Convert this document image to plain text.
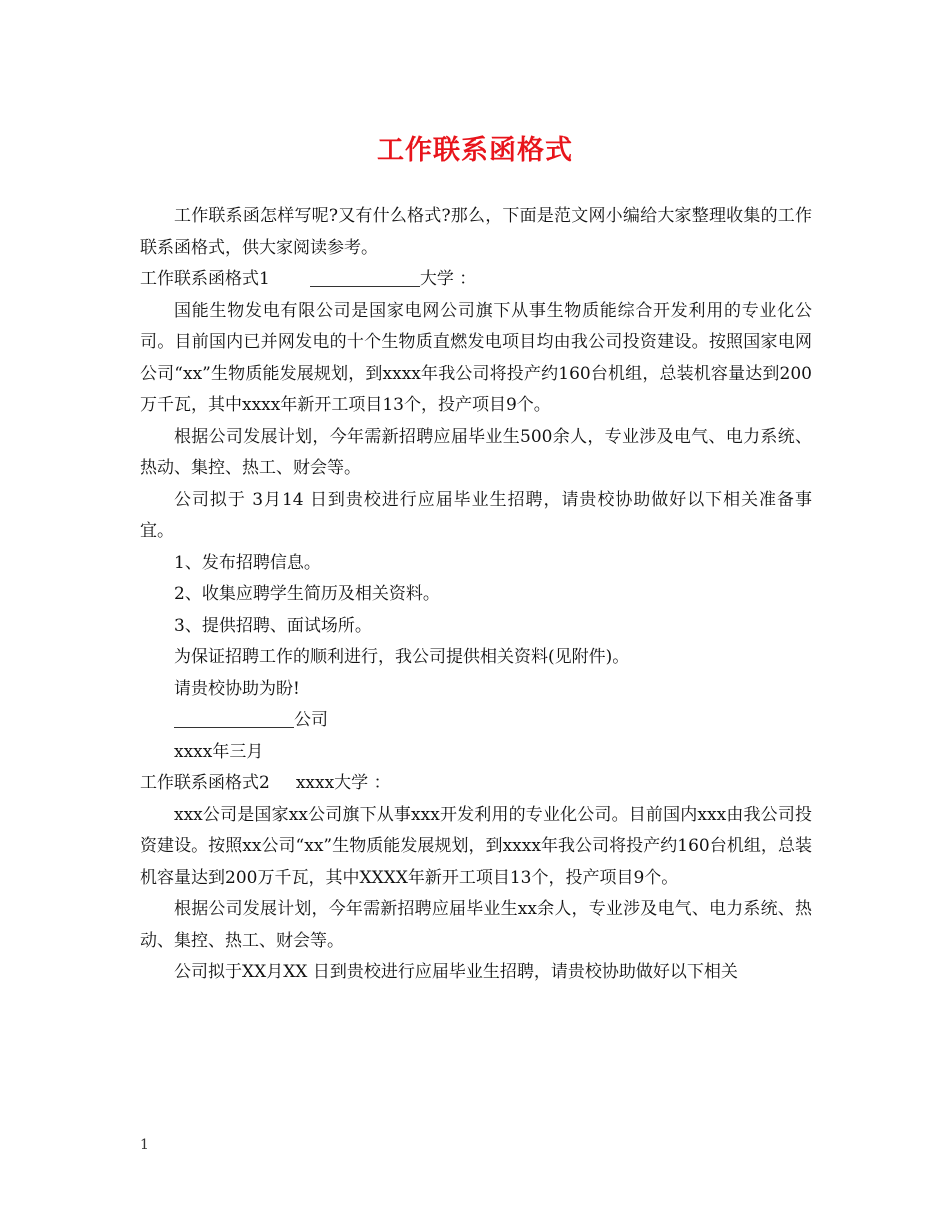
工作联系函格式

工作联系函怎样写呢?又有什么格式?那么，下面是范文网小编给大家整理收集的工作联系函格式，供大家阅读参考。

工作联系函格式1	大学 ：

国能生物发电有限公司是国家电网公司旗下从事生物质能综合开发利用的专业化公司。目前国内已并网发电的十个生物质直燃发电项目均由我公司投资建设。按照国家电网公司“xx”生物质能发展规划，到xxxx年我公司将投产约160台机组，总装机容量达到200万千瓦，其中xxxx年新开工项目13个，投产项目9个。

根据公司发展计划，今年需新招聘应届毕业生500余人，专业涉及电气、电力系统、热动、集控、热工、财会等。

公司拟于 3月14 日到贵校进行应届毕业生招聘，请贵校协助做好以下相关准备事宜。

1、发布招聘信息。

2、收集应聘学生简历及相关资料。

3、提供招聘、面试场所。

为保证招聘工作的顺利进行，我公司提供相关资料(见附件)。

请贵校协助为盼!

公司

xxxx年三月

工作联系函格式2 xxxx大学 ：

xxx公司是国家xx公司旗下从事xxx开发利用的专业化公司。目前国内xxx由我公司投资建设。按照xx公司“xx”生物质能发展规划，到xxxx年我公司将投产约160台机组，总装机容量达到200万千瓦，其中XXXX年新开工项目13个，投产项目9个。

根据公司发展计划，今年需新招聘应届毕业生xx余人，专业涉及电气、电力系统、热动、集控、热工、财会等。

公司拟于XX月XX 日到贵校进行应届毕业生招聘，请贵校协助做好以下相关

1
